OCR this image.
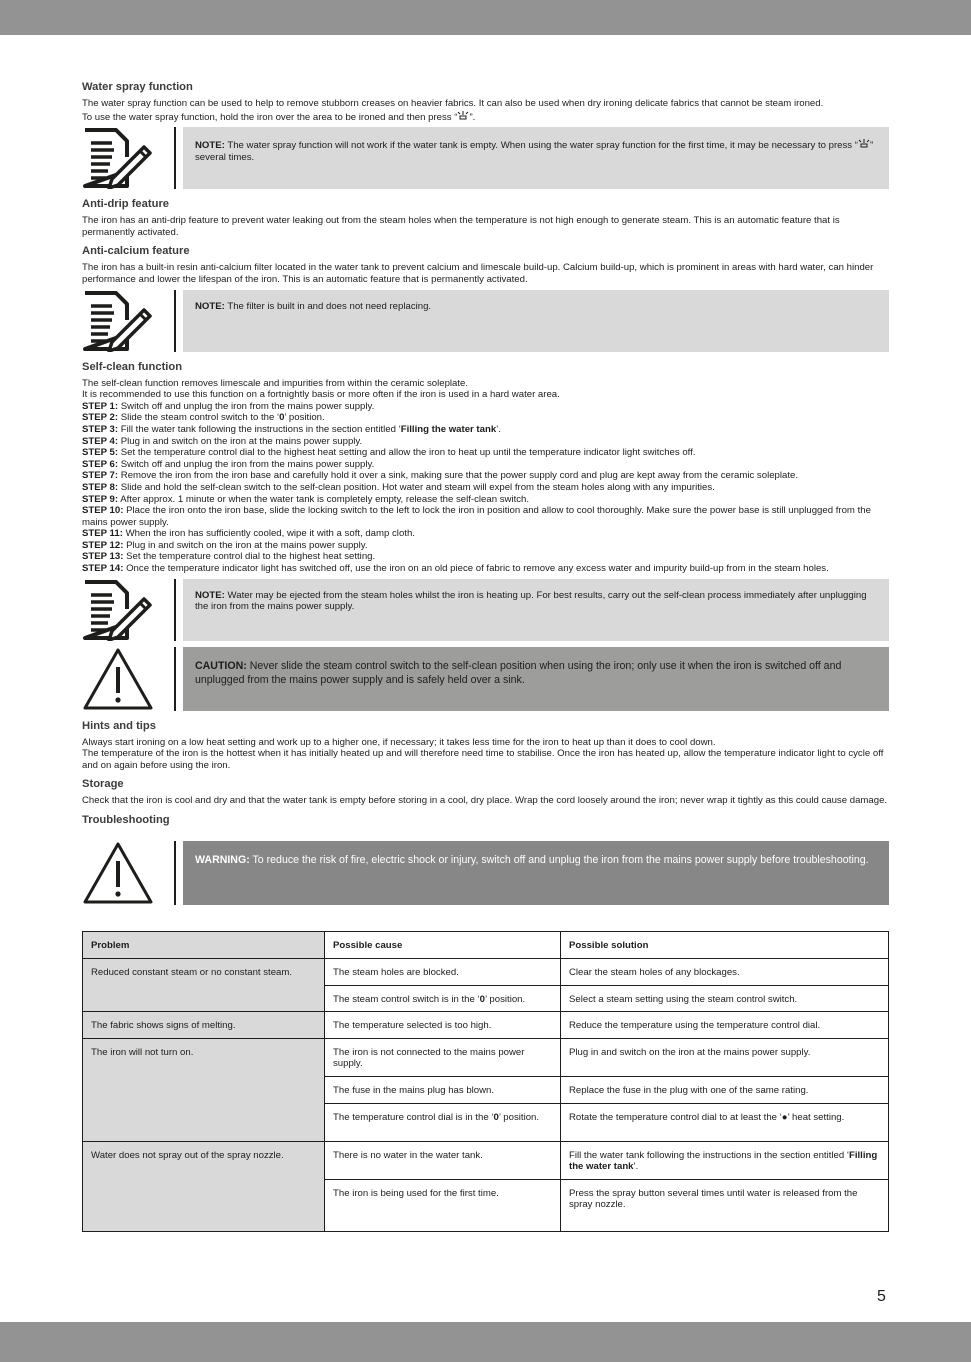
Water spray function

The water spray function can be used to help to remove stubborn creases on heavier fabrics. It can also be used when dry ironing delicate fabrics that cannot be steam ironed.

To use the water spray function, hold the iron over the area to be ironed and then press “ ”.

NOTE: The water spray function will not work if the water tank is empty. When using the water spray function for the first time, it may be necessary to press “ ” several times.

Anti-drip feature

The iron has an anti-drip feature to prevent water leaking out from the steam holes when the temperature is not high enough to generate steam. This is an automatic feature that is permanently activated.

Anti-calcium feature

The iron has a built-in resin anti-calcium filter located in the water tank to prevent calcium and limescale build-up. Calcium build-up, which is prominent in areas with hard water, can hinder performance and lower the lifespan of the iron. This is an automatic feature that is permanently activated.

NOTE: The filter is built in and does not need replacing.

Self-clean function

The self-clean function removes limescale and impurities from within the ceramic soleplate.

It is recommended to use this function on a fortnightly basis or more often if the iron is used in a hard water area.

STEP 1: Switch off and unplug the iron from the mains power supply.

STEP 2: Slide the steam control switch to the ‘0’ position.

STEP 3: Fill the water tank following the instructions in the section entitled ‘Filling the water tank’.

STEP 4: Plug in and switch on the iron at the mains power supply.

STEP 5: Set the temperature control dial to the highest heat setting and allow the iron to heat up until the temperature indicator light switches off.

STEP 6: Switch off and unplug the iron from the mains power supply.

STEP 7: Remove the iron from the iron base and carefully hold it over a sink, making sure that the power supply cord and plug are kept away from the ceramic soleplate.

STEP 8: Slide and hold the self-clean switch to the self-clean position. Hot water and steam will expel from the steam holes along with any impurities.

STEP 9: After approx. 1 minute or when the water tank is completely empty, release the self-clean switch.

STEP 10: Place the iron onto the iron base, slide the locking switch to the left to lock the iron in position and allow to cool thoroughly. Make sure the power base is still unplugged from the mains power supply.

STEP 11: When the iron has sufficiently cooled, wipe it with a soft, damp cloth.

STEP 12: Plug in and switch on the iron at the mains power supply.

STEP 13: Set the temperature control dial to the highest heat setting.

STEP 14: Once the temperature indicator light has switched off, use the iron on an old piece of fabric to remove any excess water and impurity build-up from in the steam holes.

NOTE: Water may be ejected from the steam holes whilst the iron is heating up. For best results, carry out the self-clean process immediately after unplugging the iron from the mains power supply.

CAUTION: Never slide the steam control switch to the self-clean position when using the iron; only use it when the iron is switched off and unplugged from the mains power supply and is safely held over a sink.

Hints and tips

Always start ironing on a low heat setting and work up to a higher one, if necessary; it takes less time for the iron to heat up than it does to cool down.

The temperature of the iron is the hottest when it has initially heated up and will therefore need time to stabilise. Once the iron has heated up, allow the temperature indicator light to cycle off and on again before using the iron.

Storage

Check that the iron is cool and dry and that the water tank is empty before storing in a cool, dry place. Wrap the cord loosely around the iron; never wrap it tightly as this could cause damage.

Troubleshooting

WARNING: To reduce the risk of fire, electric shock or injury, switch off and unplug the iron from the mains power supply before troubleshooting.

Problem	Possible cause	Possible solution
Reduced constant steam or no constant steam.	The steam holes are blocked.	Clear the steam holes of any blockages.
	The steam control switch is in the ‘0’ position.	Select a steam setting using the steam control switch.
The fabric shows signs of melting.	The temperature selected is too high.	Reduce the temperature using the temperature control dial.
The iron will not turn on.	The iron is not connected to the mains power supply.	Plug in and switch on the iron at the mains power supply.
	The fuse in the mains plug has blown.	Replace the fuse in the plug with one of the same rating.
	The temperature control dial is in the ‘0’ position.	Rotate the temperature control dial to at least the ‘●’ heat setting.
Water does not spray out of the spray nozzle.	There is no water in the water tank.	Fill the water tank following the instructions in the section entitled ‘Filling the water tank’.
	The iron is being used for the first time.	Press the spray button several times until water is released from the spray nozzle.
5
